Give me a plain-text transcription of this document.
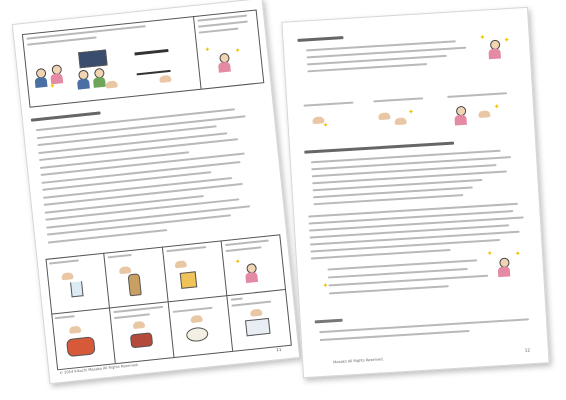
✦
✦	✦
✦
© 2014 Kikuchi Masako All Rights Reserved.
11
✦	✦
✦
✦
✦
✦	✦
✦
Masako All Rights Reserved.
12
